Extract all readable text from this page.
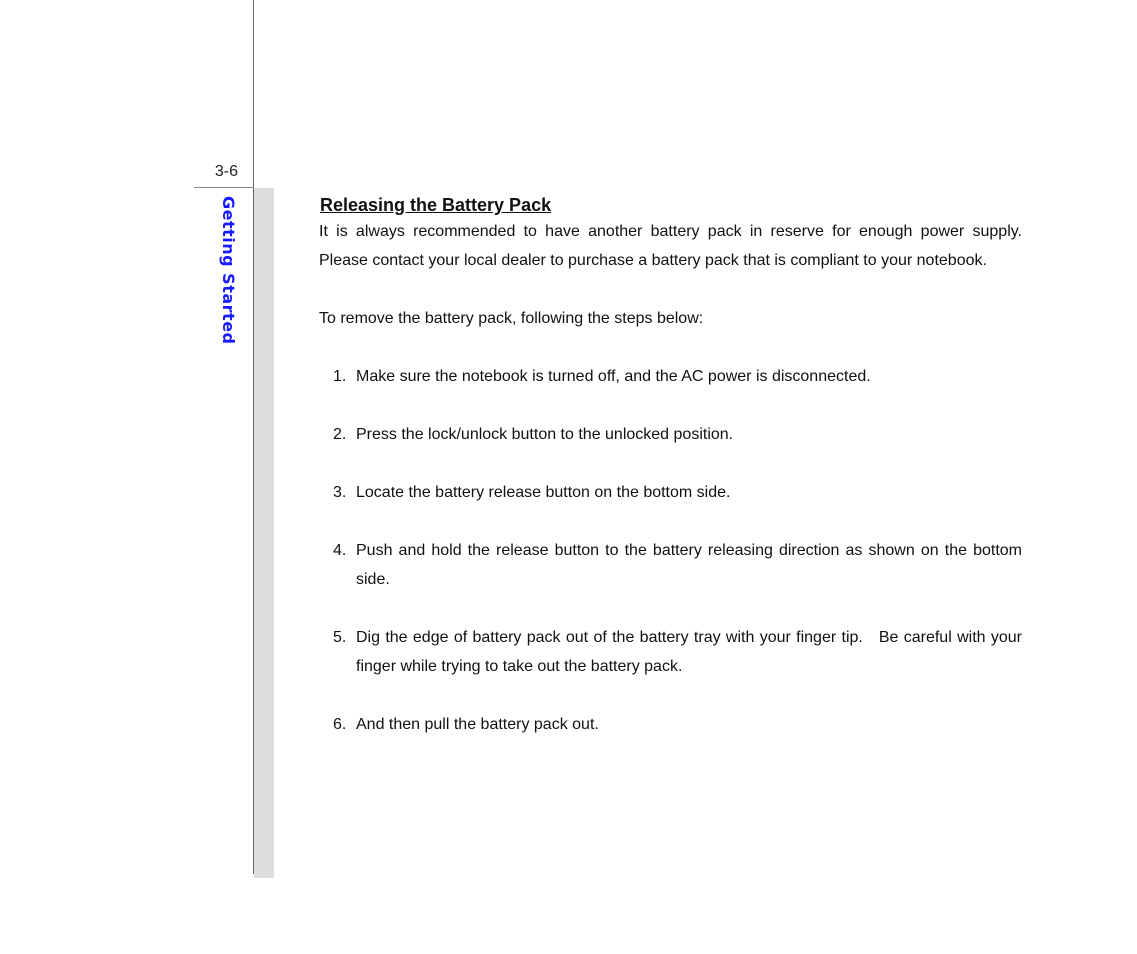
3-6
Getting Started	Releasing the Battery Pack

It is always recommended to have another battery pack in reserve for enough power supply. Please contact your local dealer to purchase a battery pack that is compliant to your notebook.

To remove the battery pack, following the steps below:

1. Make sure the notebook is turned off, and the AC power is disconnected.
2. Press the lock/unlock button to the unlocked position.
3. Locate the battery release button on the bottom side.
4. Push and hold the release button to the battery releasing direction as shown on the bottom side.
5. Dig the edge of battery pack out of the battery tray with your finger tip.   Be careful with your finger while trying to take out the battery pack.
6. And then pull the battery pack out.
